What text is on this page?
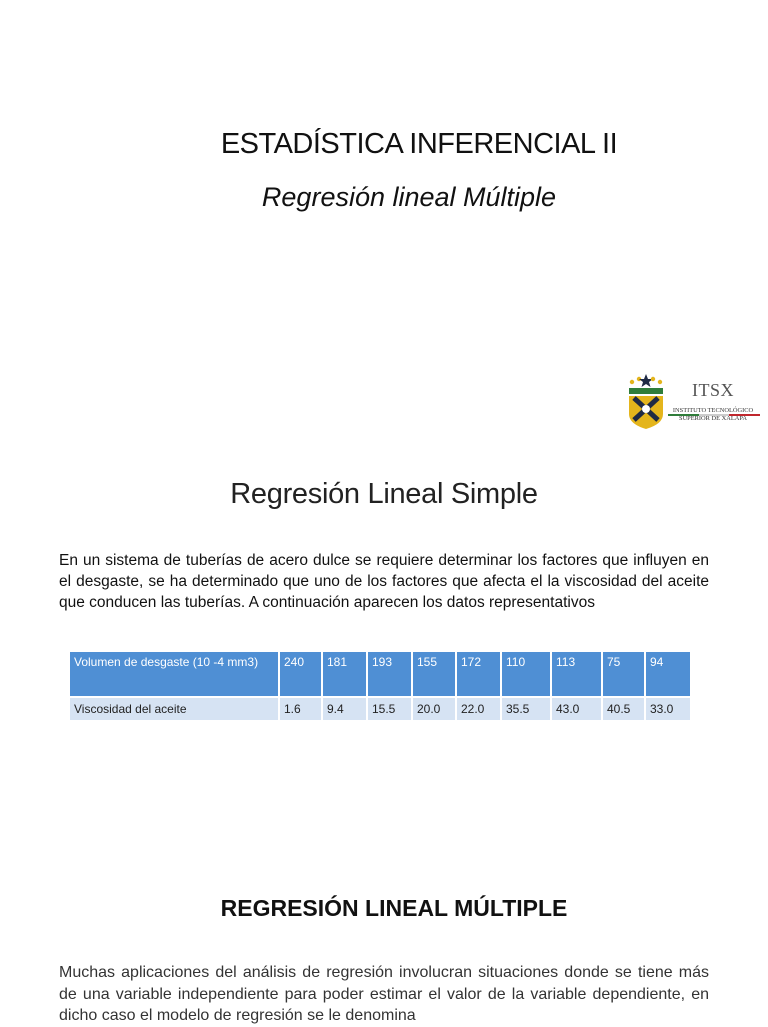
ESTADÍSTICA INFERENCIAL II
Regresión lineal Múltiple
ITSX
INSTITUTO TECNOLÓGICO
SUPERIOR DE XALAPA
Regresión Lineal Simple
En un sistema de tuberías de acero dulce se requiere determinar los factores que influyen en el desgaste, se ha determinado que uno de los factores que afecta el la viscosidad del aceite que conducen las tuberías. A continuación aparecen los datos representativos
Volumen de desgaste (10 -4 mm3)	240	181	193	155	172	110	113	75	94
Viscosidad del aceite	1.6	9.4	15.5	20.0	22.0	35.5	43.0	40.5	33.0
REGRESIÓN LINEAL MÚLTIPLE
Muchas aplicaciones del análisis de regresión involucran situaciones donde se tiene más de una variable independiente para poder estimar el valor de la variable dependiente, en dicho caso el modelo de regresión se le denomina
